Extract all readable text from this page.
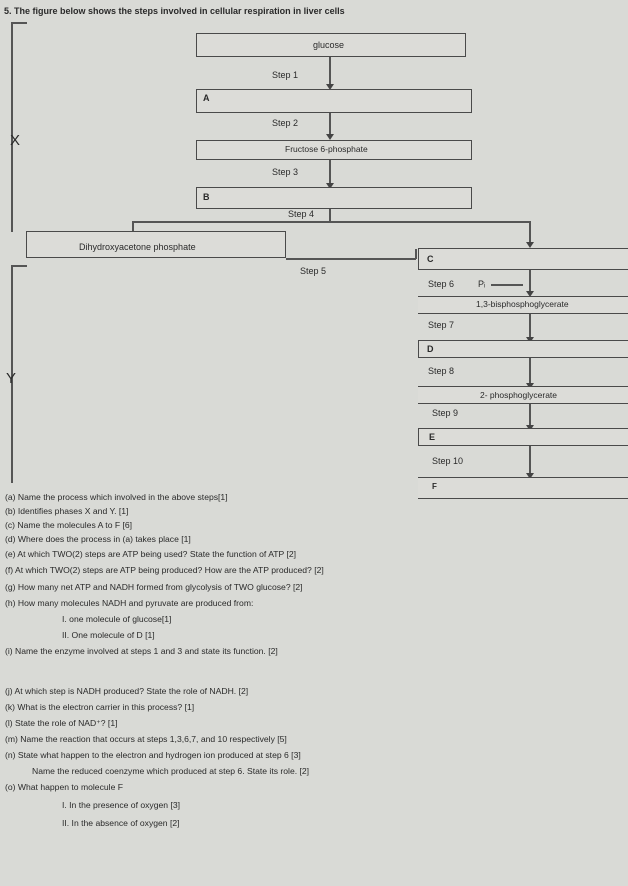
5. The figure below shows the steps involved in cellular respiration in liver cells
X
Y
glucose
Step 1
A
Step 2
Fructose 6-phosphate
Step 3
B
Step 4
Dihydroxyacetone phosphate
Step 5
C
Step 6	Pᵢ
1,3-bisphosphoglycerate
Step 7
D
Step 8
2- phosphoglycerate
Step 9
E
Step 10
F
(a) Name the process which involved in the above steps[1]
(b) Identifies phases X and Y. [1]
(c) Name the molecules A to F [6]
(d) Where does the process in (a) takes place [1]
(e) At which TWO(2) steps are ATP being used? State the function of ATP [2]
(f) At which TWO(2) steps are ATP being produced? How are the ATP produced? [2]
(g) How many net ATP and NADH formed from glycolysis of TWO glucose? [2]
(h) How many molecules NADH and pyruvate are produced from:
I. one molecule of glucose[1]
II. One molecule of D [1]
(i) Name the enzyme involved at steps 1 and 3 and state its function. [2]
(j) At which step is NADH produced? State the role of NADH. [2]
(k) What is the electron carrier in this process? [1]
(l) State the role of NAD⁺? [1]
(m) Name the reaction that occurs at steps 1,3,6,7, and 10 respectively [5]
(n) State what happen to the electron and hydrogen ion produced at step 6 [3]
Name the reduced coenzyme which produced at step 6. State its role. [2]
(o) What happen to molecule F
I. In the presence of oxygen [3]
II. In the absence of oxygen [2]
